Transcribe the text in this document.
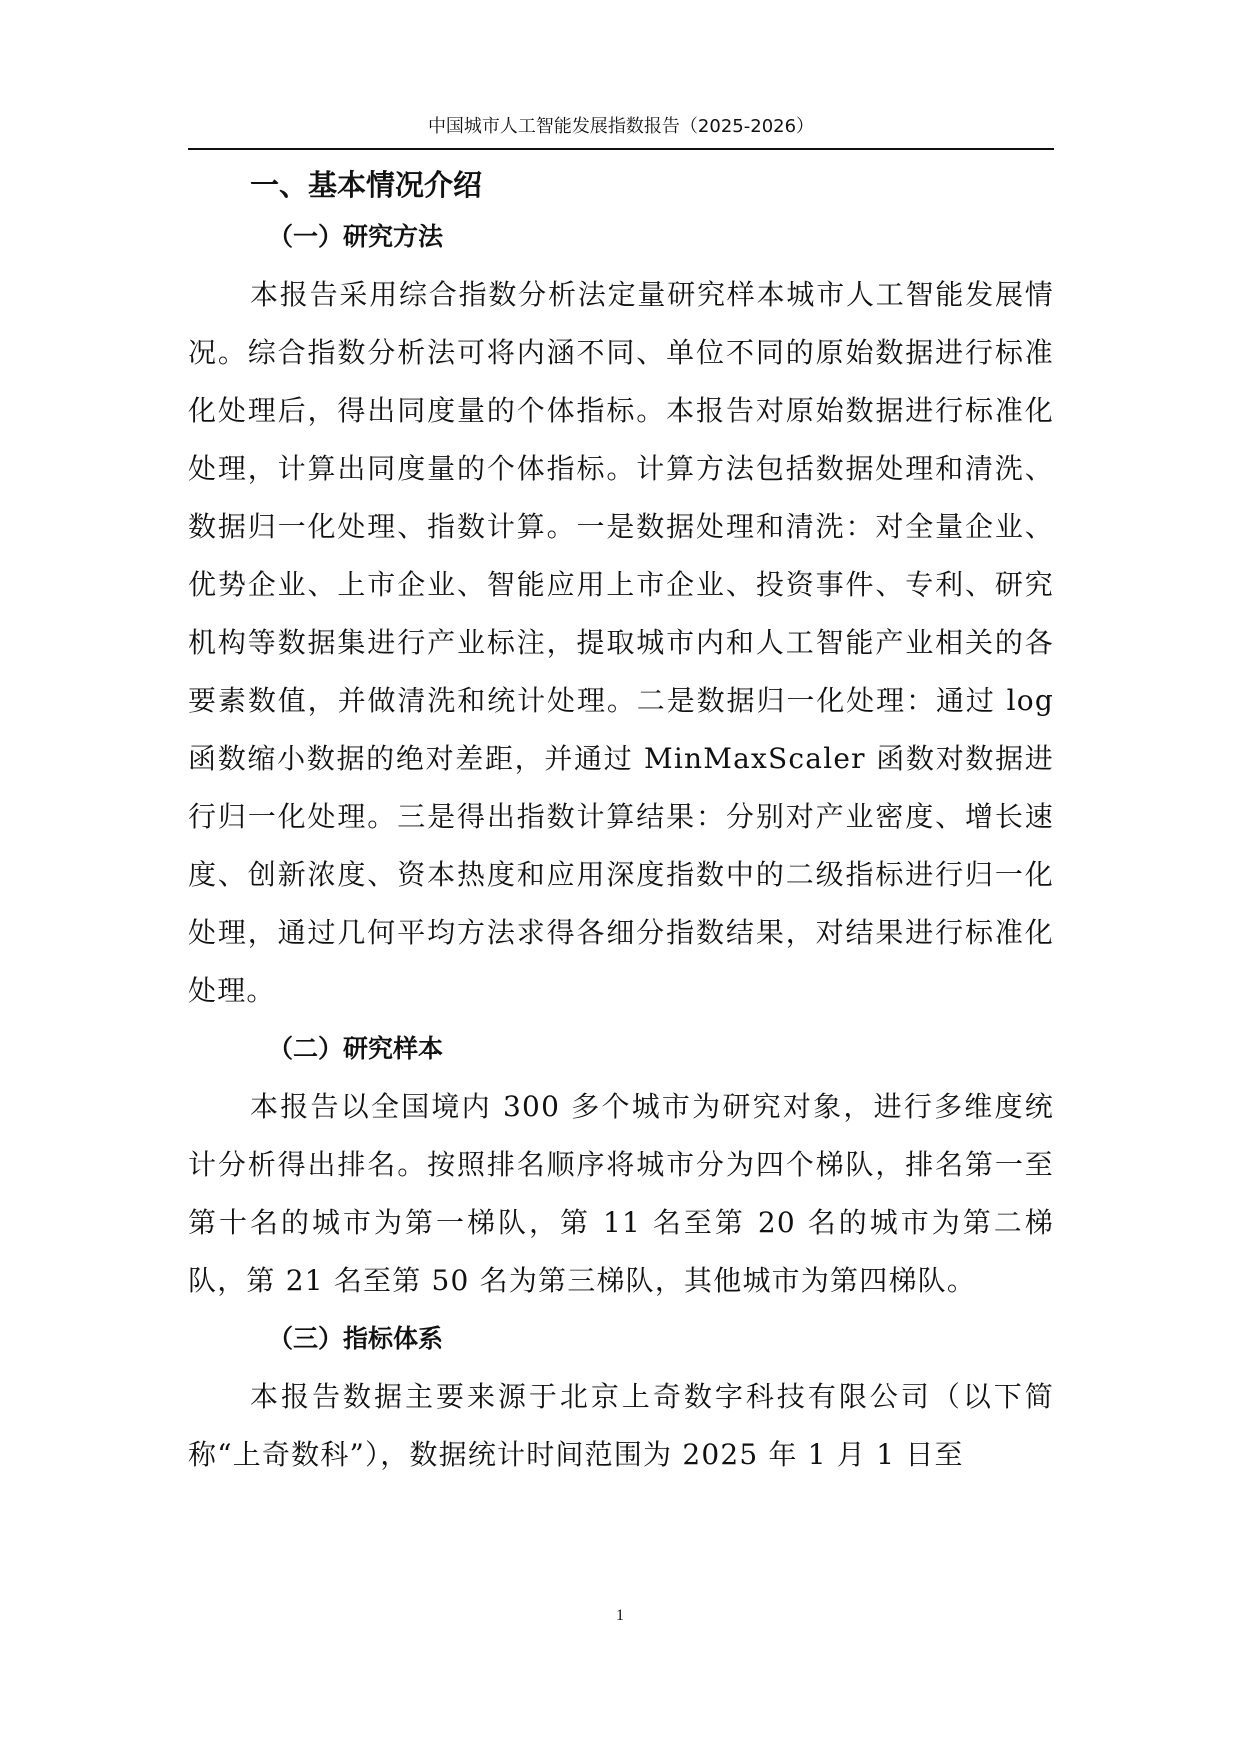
中国城市人工智能发展指数报告（2025-2026）
一、基本情况介绍
（一）研究方法

本报告采用综合指数分析法定量研究样本城市人工智能发展情况。综合指数分析法可将内涵不同、单位不同的原始数据进行标准化处理后，得出同度量的个体指标。本报告对原始数据进行标准化处理，计算出同度量的个体指标。计算方法包括数据处理和清洗、数据归一化处理、指数计算。一是数据处理和清洗：对全量企业、优势企业、上市企业、智能应用上市企业、投资事件、专利、研究机构等数据集进行产业标注，提取城市内和人工智能产业相关的各要素数值，并做清洗和统计处理。二是数据归一化处理：通过 log 函数缩小数据的绝对差距，并通过 MinMaxScaler 函数对数据进行归一化处理。三是得出指数计算结果：分别对产业密度、增长速度、创新浓度、资本热度和应用深度指数中的二级指标进行归一化处理，通过几何平均方法求得各细分指数结果，对结果进行标准化处理。

（二）研究样本

本报告以全国境内 300 多个城市为研究对象，进行多维度统计分析得出排名。按照排名顺序将城市分为四个梯队，排名第一至第十名的城市为第一梯队，第 11 名至第 20 名的城市为第二梯队，第 21 名至第 50 名为第三梯队，其他城市为第四梯队。

（三）指标体系

本报告数据主要来源于北京上奇数字科技有限公司（以下简称“上奇数科”），数据统计时间范围为 2025 年 1 月 1 日至

1
